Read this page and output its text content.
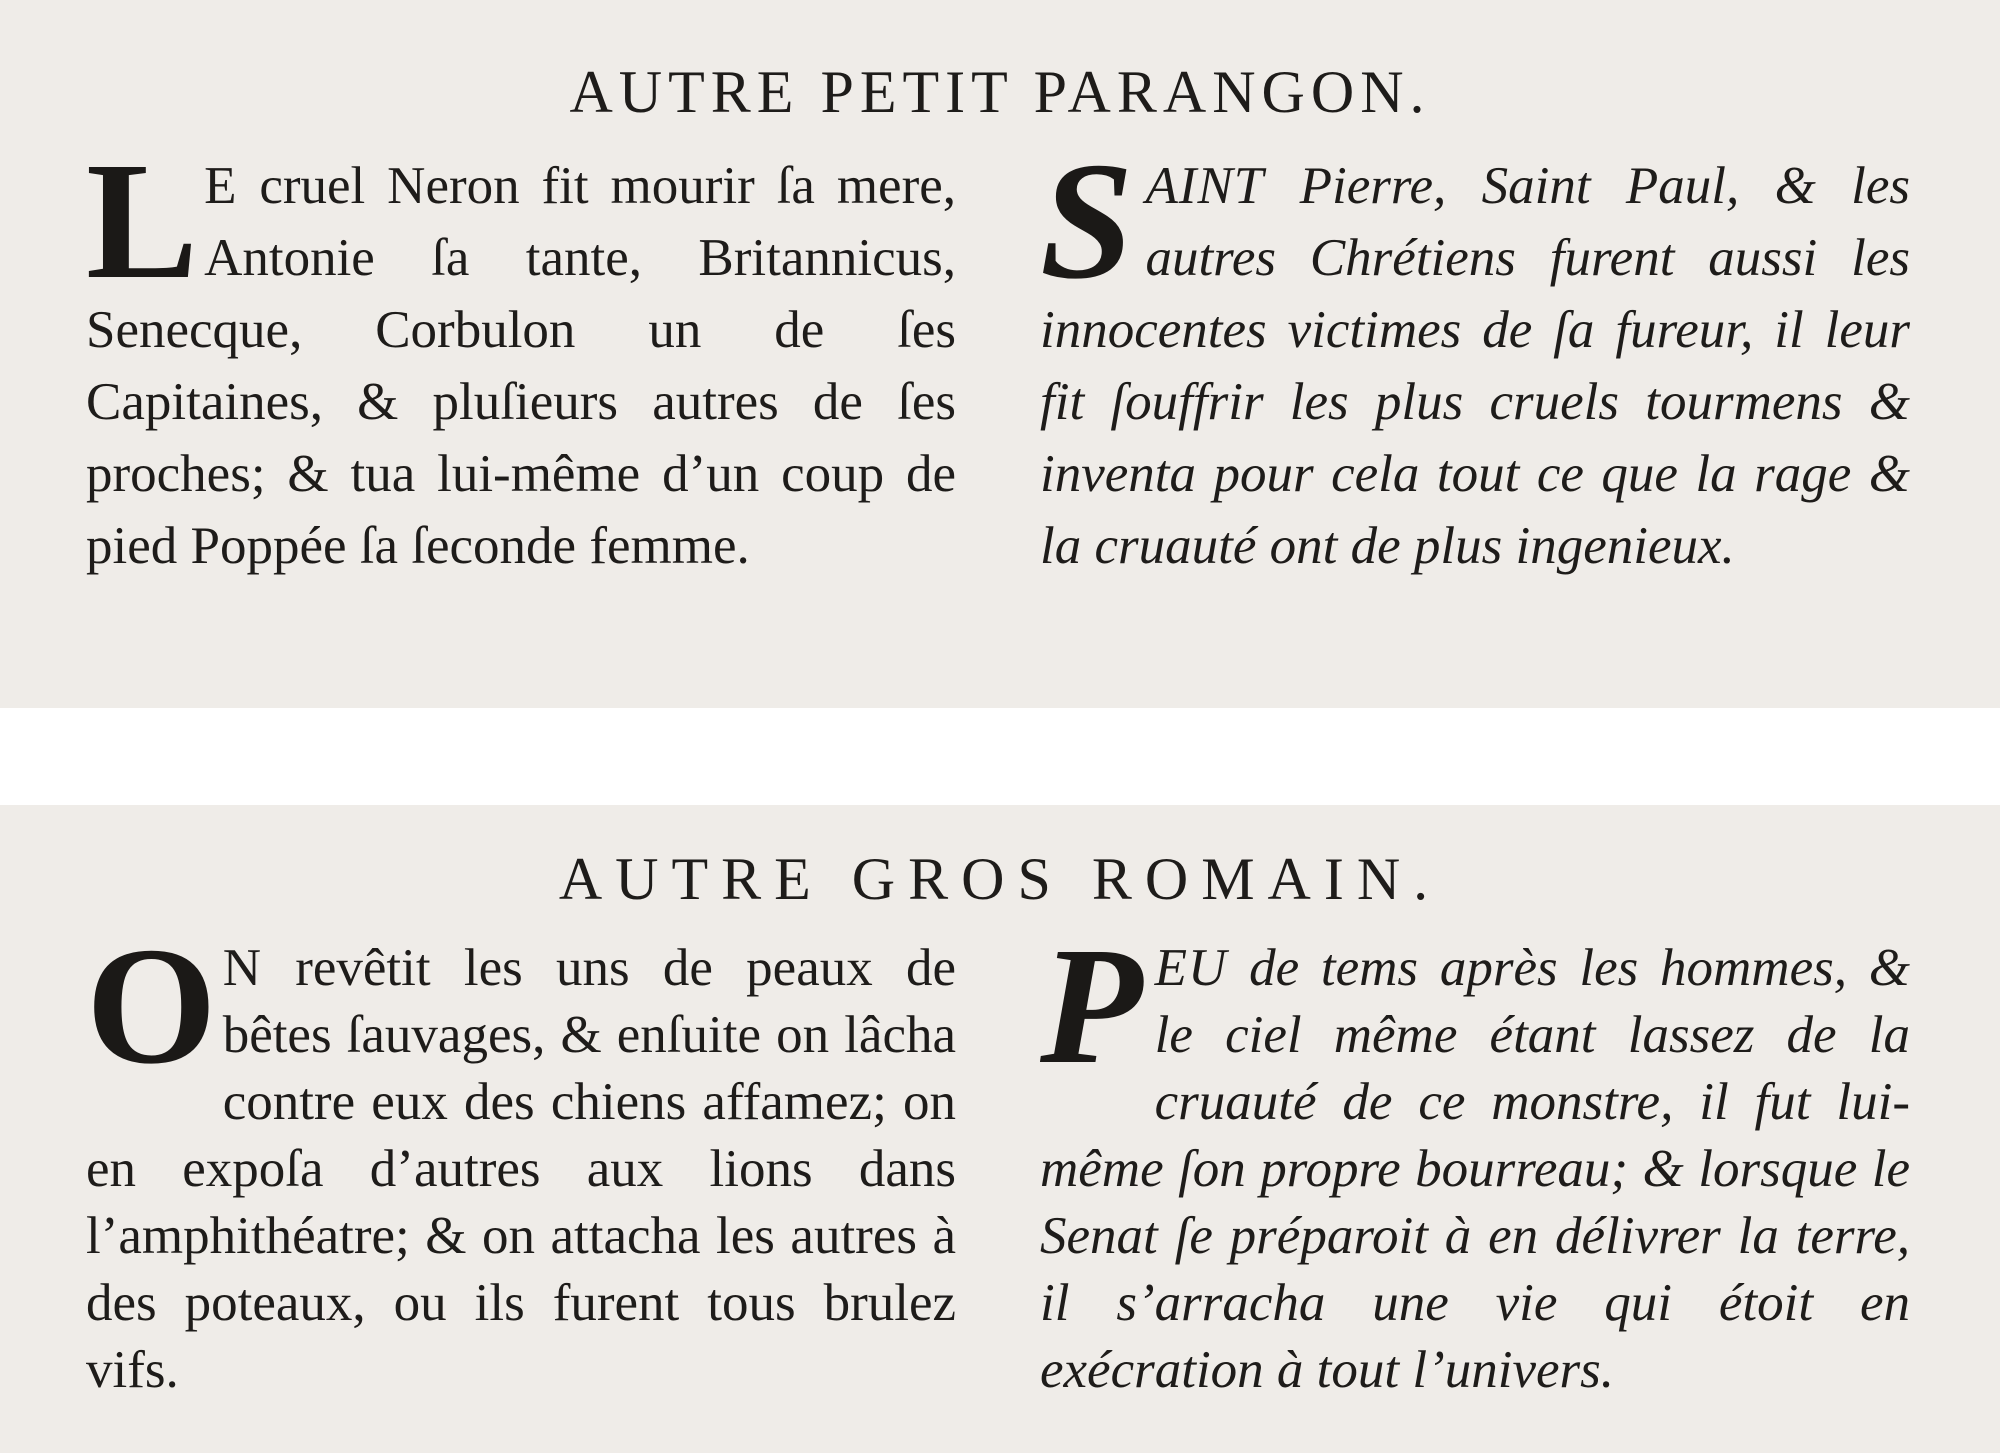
AUTRE PETIT PARANGON.

L E cruel Neron fit mourir ſa mere, Antonie ſa tante, Britannicus, Senecque, Corbulon un de ſes Capitaines, & pluſieurs autres de ſes proches; & tua lui-même d’un coup de pied Poppée ſa ſeconde femme.

SAINT Pierre, Saint Paul, & les autres Chrétiens furent aussi les innocentes victimes de ſa fureur, il leur fit ſouffrir les plus cruels tourmens & inventa pour cela tout ce que la rage & la cruauté ont de plus ingenieux.

AUTRE GROS ROMAIN.

O N revêtit les uns de peaux de bêtes ſauvages, & enſuite on lâcha contre eux des chiens affamez; on en expoſa d’autres aux lions dans l’amphithéatre; & on attacha les autres à des poteaux, ou ils furent tous brulez vifs.

PEU de tems après les hommes, & le ciel même étant lassez de la cruauté de ce monstre, il fut lui-même ſon propre bourreau; & lorsque le Senat ſe préparoit à en délivrer la terre, il s’arracha une vie qui étoit en exécration à tout l’univers.
